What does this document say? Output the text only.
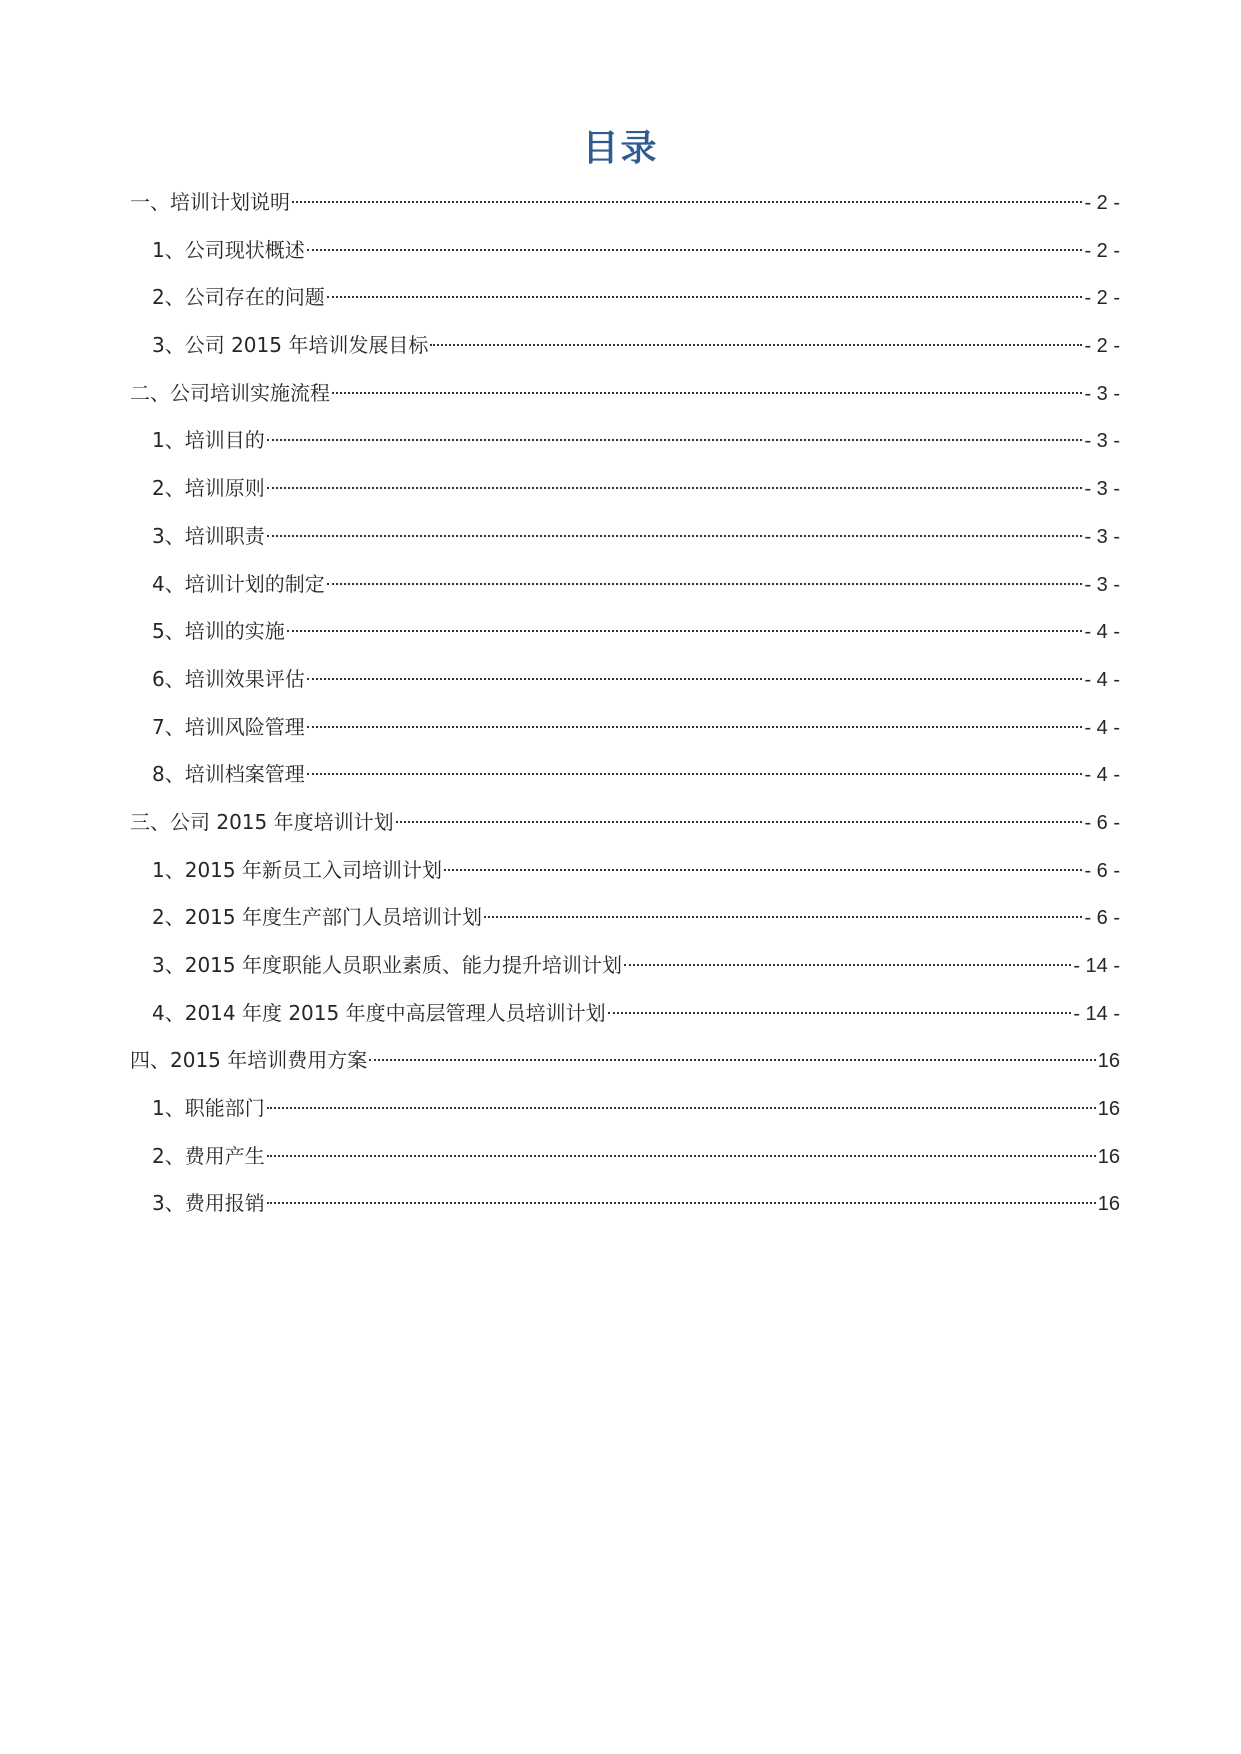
目录
一、培训计划说明	- 2 -
1、公司现状概述	- 2 -
2、公司存在的问题	- 2 -
3、公司 2015 年培训发展目标	- 2 -
二、公司培训实施流程	- 3 -
1、培训目的	- 3 -
2、培训原则	- 3 -
3、培训职责	- 3 -
4、培训计划的制定	- 3 -
5、培训的实施	- 4 -
6、培训效果评估	- 4 -
7、培训风险管理	- 4 -
8、培训档案管理	- 4 -
三、公司 2015 年度培训计划	- 6 -
1、2015 年新员工入司培训计划	- 6 -
2、2015 年度生产部门人员培训计划	- 6 -
3、2015 年度职能人员职业素质、能力提升培训计划	- 14 -
4、2014 年度 2015 年度中高层管理人员培训计划	- 14 -
四、2015 年培训费用方案	16
1、职能部门	16
2、费用产生	16
3、费用报销	16
